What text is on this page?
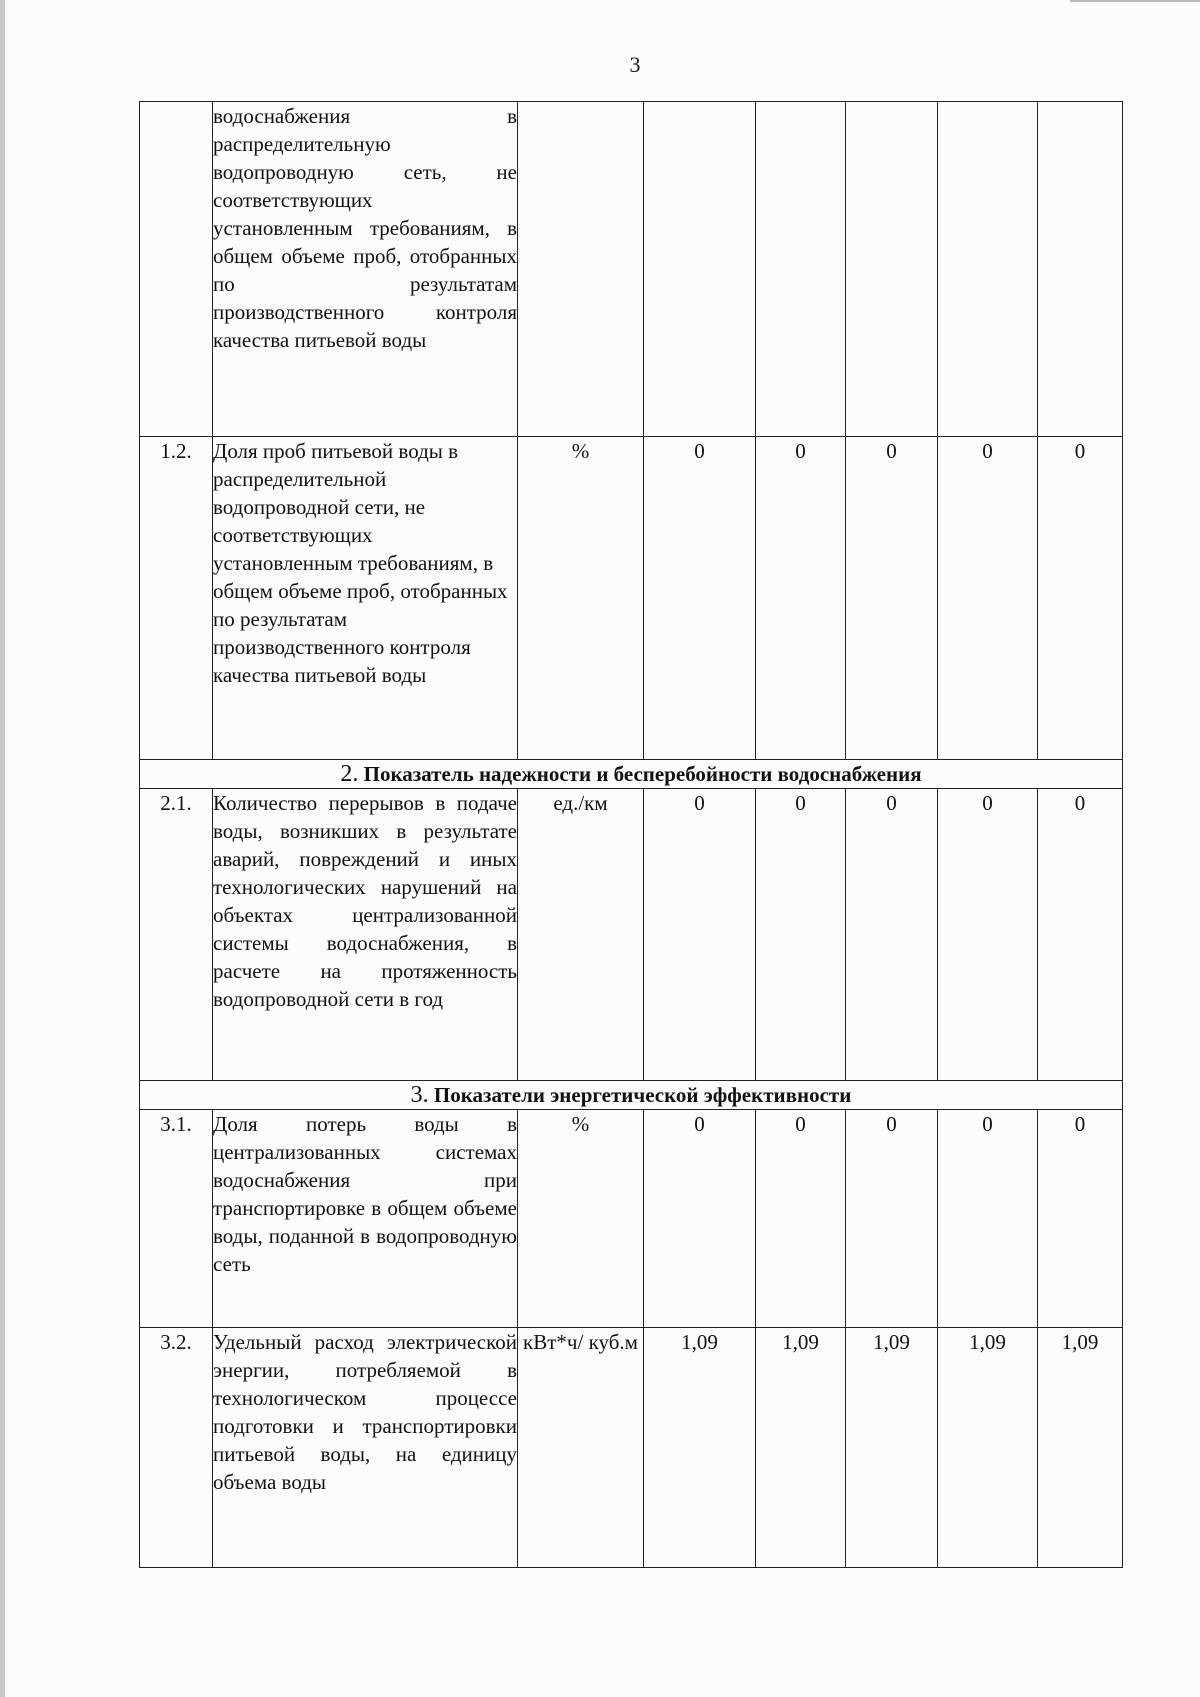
3
	водоснабжения в распределительную водопроводную сеть, не соответствующих установленным требованиям, в общем объеме проб, отобранных по результатам производственного контроля качества питьевой воды						
1.2.	Доля проб питьевой воды в распределительной водопроводной сети, не соответствующих установленным требованиям, в общем объеме проб, отобранных по результатам производственного контроля качества питьевой воды	%	0	0	0	0	0
2. Показатель надежности и бесперебойности водоснабжения							
2.1.	Количество перерывов в подаче воды, возникших в результате аварий, повреждений и иных технологических нарушений на объектах централизованной системы водоснабжения, в расчете на протяженность водопроводной сети в год	ед./км	0	0	0	0	0
3. Показатели энергетической эффективности							
3.1.	Доля потерь воды в централизованных системах водоснабжения при транспортировке в общем объеме воды, поданной в водопроводную сеть	%	0	0	0	0	0
3.2.	Удельный расход электрической энергии, потребляемой в технологическом процессе подготовки и транспортировки питьевой воды, на единицу объема воды	кВт*ч/ куб.м	1,09	1,09	1,09	1,09	1,09
